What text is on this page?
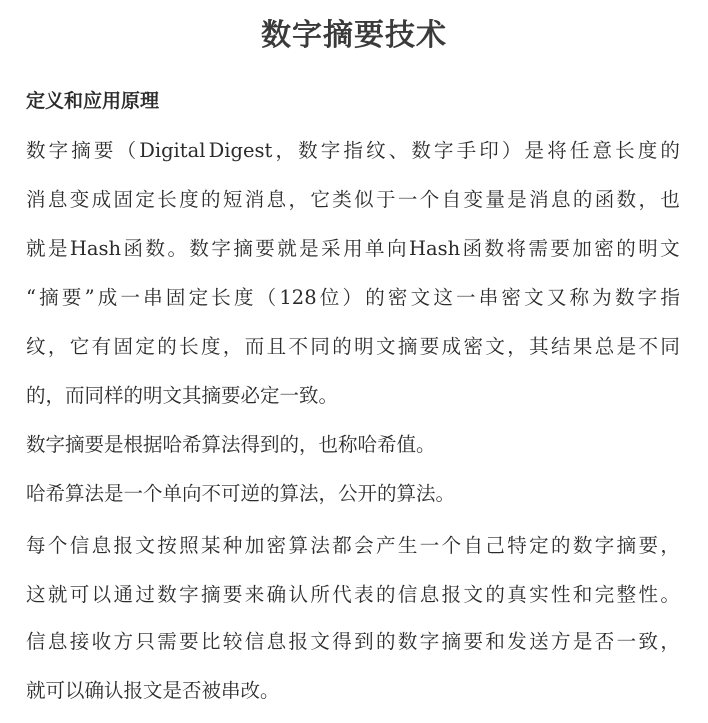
数字摘要技术
定义和应用原理
数 字 摘 要 （ Digital Digest ， 数 字 指 纹 、 数 字 手 印 ） 是 将 任 意 长 度 的
消 息 变 成 固 定 长 度 的 短 消 息 ， 它 类 似 于 一 个 自 变 量 是 消 息 的 函 数 ， 也
就 是 Hash 函 数 。 数 字 摘 要 就 是 采 用 单 向 Hash 函 数 将 需 要 加 密 的 明 文
“ 摘 要 ” 成 一 串 固 定 长 度 （ 128 位 ） 的 密 文 这 一 串 密 文 又 称 为 数 字 指
纹 ， 它 有 固 定 的 长 度 ， 而 且 不 同 的 明 文 摘 要 成 密 文 ， 其 结 果 总 是 不 同
的，而同样的明文其摘要必定一致。
数字摘要是根据哈希算法得到的，也称哈希值。
哈希算法是一个单向不可逆的算法，公开的算法。
每 个 信 息 报 文 按 照 某 种 加 密 算 法 都 会 产 生 一 个 自 己 特 定 的 数 字 摘 要 ，
这 就 可 以 通 过 数 字 摘 要 来 确 认 所 代 表 的 信 息 报 文 的 真 实 性 和 完 整 性 。
信 息 接 收 方 只 需 要 比 较 信 息 报 文 得 到 的 数 字 摘 要 和 发 送 方 是 否 一 致 ，
就可以确认报文是否被串改。
